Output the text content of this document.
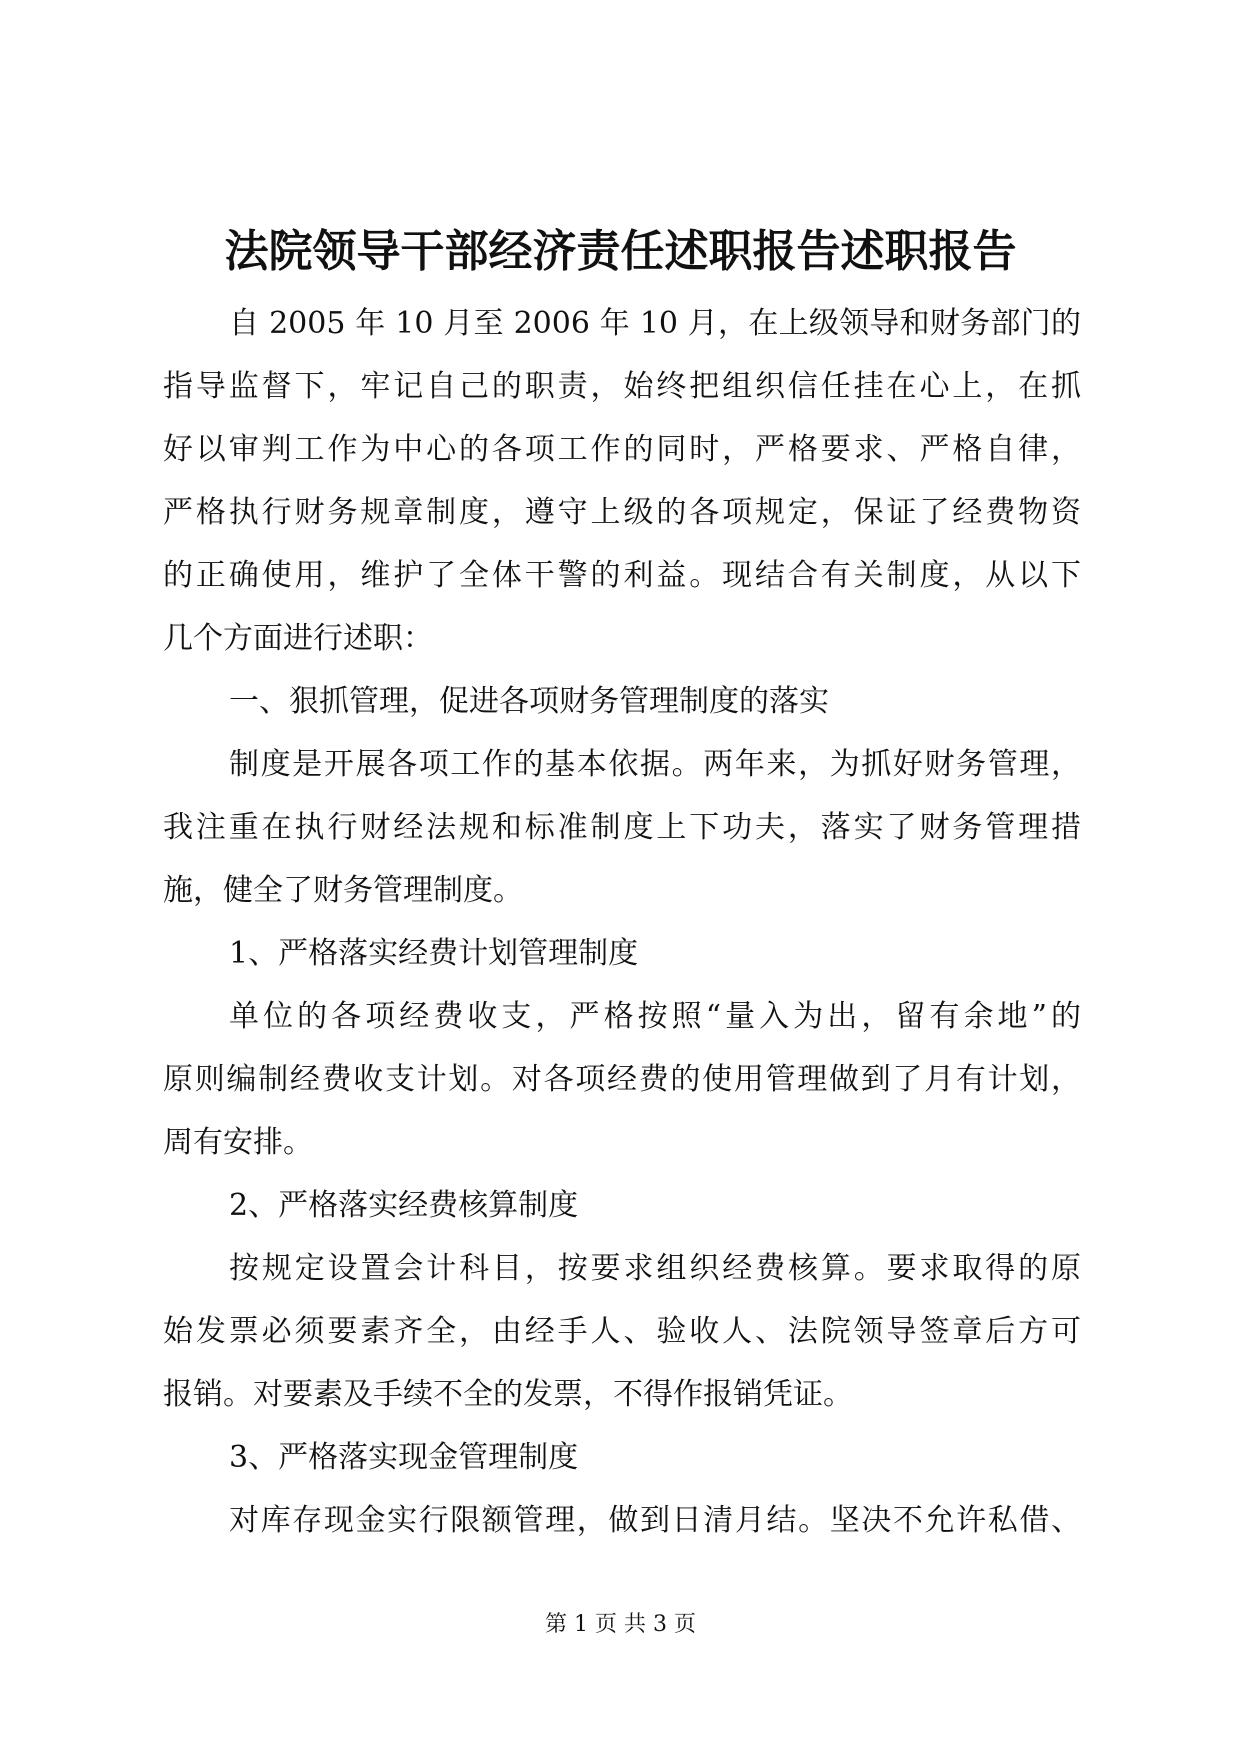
法院领导干部经济责任述职报告述职报告

自 2005 年 10 月至 2006 年 10 月，在上级领导和财务部门的

指导监督下，牢记自己的职责，始终把组织信任挂在心上，在抓

好以审判工作为中心的各项工作的同时，严格要求、严格自律，

严格执行财务规章制度，遵守上级的各项规定，保证了经费物资

的正确使用，维护了全体干警的利益。现结合有关制度，从以下

几个方面进行述职：

一、狠抓管理，促进各项财务管理制度的落实

制度是开展各项工作的基本依据。两年来，为抓好财务管理，

我注重在执行财经法规和标准制度上下功夫，落实了财务管理措

施，健全了财务管理制度。

1、严格落实经费计划管理制度

单位的各项经费收支，严格按照“量入为出，留有余地”的

原则编制经费收支计划。对各项经费的使用管理做到了月有计划，

周有安排。

2、严格落实经费核算制度

按规定设置会计科目，按要求组织经费核算。要求取得的原

始发票必须要素齐全，由经手人、验收人、法院领导签章后方可

报销。对要素及手续不全的发票，不得作报销凭证。

3、严格落实现金管理制度

对库存现金实行限额管理，做到日清月结。坚决不允许私借、

第 1 页 共 3 页
